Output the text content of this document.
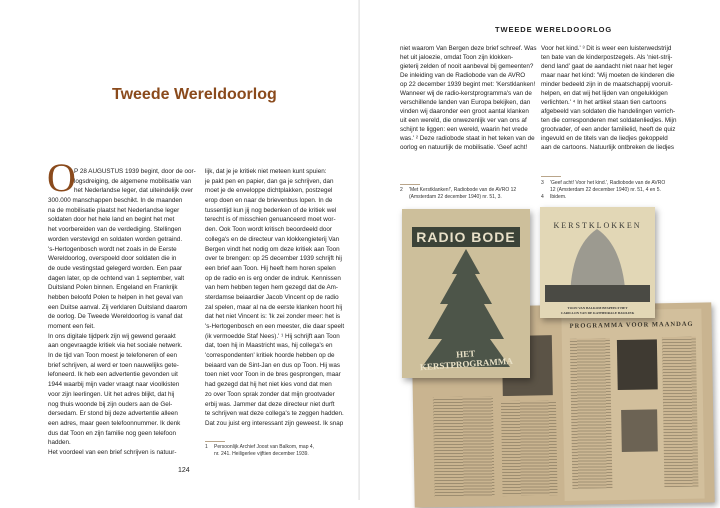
Tweede Wereldoorlog
O
P 28 AUGUSTUS 1939 begint, door de oor-
logsdreiging, de algemene mobilisatie van
het Nederlandse leger, dat uiteindelijk over
300.000 manschappen beschikt. In de maanden
na de mobilisatie plaatst het Nederlandse leger
soldaten door het hele land en begint het met
het voorbereiden van de verdediging. Stellingen
worden verstevigd en soldaten worden getraind.
's-Hertogenbosch wordt net zoals in de Eerste
Wereldoorlog, overspoeld door soldaten die in
de oude vestingstad gelegerd worden. Een paar
dagen later, op de ochtend van 1 september, valt
Duitsland Polen binnen. Engeland en Frankrijk
hebben beloofd Polen te helpen in het geval van
een Duitse aanval. Zij verklaren Duitsland daarom
de oorlog. De Tweede Wereldoorlog is vanaf dat
moment een feit.
In ons digitale tijdperk zijn wij gewend geraakt
aan ongevraagde kritiek via het sociale netwerk.
In de tijd van Toon moest je telefoneren of een
brief schrijven, al werd er toen nauwelijks gete-
lefoneerd. Ik heb een advertentie gevonden uit
1944 waarbij mijn vader vraagt naar vioolkisten
voor zijn leerlingen. Uit het adres blijkt, dat hij
nog thuis woonde bij zijn ouders aan de Gel-
dersedam. Er stond bij deze advertentie alleen
een adres, maar geen telefoonnummer. Ik denk
dus dat Toon en zijn familie nog geen telefoon
hadden.
Het voordeel van een brief schrijven is natuur-
lijk, dat je je kritiek niet meteen kunt spuien:
je pakt pen en papier, dan ga je schrijven, dan
moet je de enveloppe dichtplakken, postzegel
erop doen en naar de brievenbus lopen. In de
tussentijd kun jij nog bedenken of de kritiek wel
terecht is of misschien genuanceerd moet wor-
den. Ook Toon wordt kritisch beoordeeld door
collega's en de directeur van klokkengieterij Van
Bergen vindt het nodig om deze kritiek aan Toon
over te brengen: op 25 december 1939 schrijft hij
een brief aan Toon. Hij heeft hem horen spelen
op de radio en is erg onder de indruk. Kennissen
van hem hebben tegen hem gezegd dat de Am-
sterdamse beiaardier Jacob Vincent op de radio
zal spelen, maar al na de eerste klanken hoort hij
dat het niet Vincent is: 'Ik zei zonder meer: het is
's-Hertogenbosch en een meester, die daar speelt
(ik vermoedde Staf Nees).' ¹ Hij schrijft aan Toon
dat, toen hij in Maastricht was, hij collega's en
'correspondenten' kritiek hoorde hebben op de
beiaard van de Sint-Jan en dus op Toon. Hij was
toen niet voor Toon in de bres gesprongen, maar
had gezegd dat hij het niet kies vond dat men
zo over Toon sprak zonder dat mijn grootvader
erbij was. Jammer dat deze directeur niet durft
te schrijven wat deze collega's te zeggen hadden.
Dat zou juist erg interessant zijn geweest. Ik snap
1 Persoonlijk Archief Joost van Balkom, map 4,
nr. 241. Heiligerlee vijftien december 1939.
124
TWEEDE WERELDOORLOG
niet waarom Van Bergen deze brief schreef. Was
het uit jaloezie, omdat Toon zijn klokken-
gieterij zelden of nooit aanbeval bij gemeenten?
De inleiding van de Radiobode van de AVRO
op 22 december 1939 begint met: 'Kerstklanken!
Wanneer wij de radio-kerstprogramma's van de
verschillende landen van Europa bekijken, dan
vinden wij daaronder een groot aantal klanken
uit een wereld, die onwezenlijk ver van ons af
schijnt te liggen: een wereld, waarin het vrede
was.' ² Deze radiobode staat in het teken van de
oorlog en natuurlijk de mobilisatie. 'Geef acht!
Voor het kind.' ³ Dit is weer een luisterwedstrijd
ten bate van de kinderpostzegels. Als 'niet-strij-
dend land' gaat de aandacht niet naar het leger
maar naar het kind: 'Wij moeten de kinderen die
minder bedeeld zijn in de maatschappij vooruit-
helpen, en dat wij het lijden van ongelukkigen
verlichten.' ⁴ In het artikel staan tien cartoons
afgebeeld van soldaten die handelingen verrich-
ten die corresponderen met soldatenliedjes. Mijn
grootvader, of een ander familielid, heeft de quiz
ingevuld en de titels van de liedjes gekoppeld
aan de cartoons. Natuurlijk ontbreken de liedjes
2 'Met Kerstklanken!', Radiobode van de AVRO 12
(Amsterdam 22 december 1940) nr. 51, 3.
3 'Geef acht! Voor het kind.', Radiobode van de AVRO
12 (Amsterdam 22 december 1940) nr. 51, 4 en 5.
4 Ibidem.
PROGRAMMA VOOR MAANDAG
RADIO BODE
HET KERSTPROGRAMMA
KERSTKLOKKEN
TOON VAN BALKOM BESPEELT HET
CARILLON VAN DE KATHEDRALE BASILIEK
